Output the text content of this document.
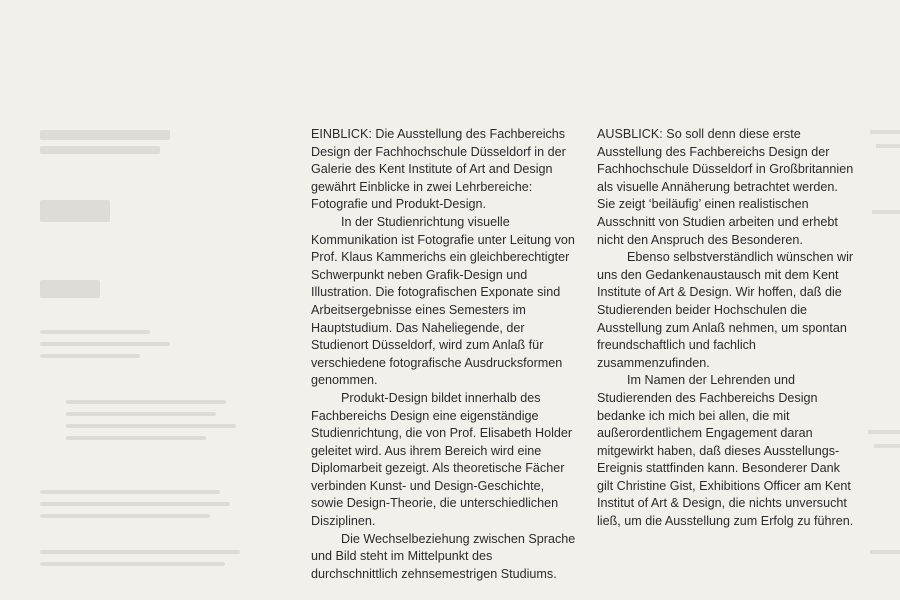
EINBLICK: Die Ausstellung des Fachbereichs Design der Fachhochschule Düsseldorf in der Galerie des Kent Institute of Art and Design gewährt Einblicke in zwei Lehrbereiche: Fotografie und Produkt-Design.

In der Studienrichtung visuelle Kommunikation ist Fotografie unter Leitung von Prof. Klaus Kammerichs ein gleichberechtigter Schwerpunkt neben Grafik-Design und Illustration. Die fotografischen Exponate sind Arbeitsergebnisse eines Semesters im Hauptstudium. Das Naheliegende, der Studienort Düsseldorf, wird zum Anlaß für verschiedene fotografische Ausdrucksformen genommen.

Produkt-Design bildet innerhalb des Fachbereichs Design eine eigenständige Studienrichtung, die von Prof. Elisabeth Holder geleitet wird. Aus ihrem Bereich wird eine Diplomarbeit gezeigt. Als theoretische Fächer verbinden Kunst- und Design-Geschichte, sowie Design-Theorie, die unterschiedlichen Disziplinen.

Die Wechselbeziehung zwischen Sprache und Bild steht im Mittelpunkt des durchschnittlich zehnsemestrigen Studiums.

AUSBLICK: So soll denn diese erste Ausstellung des Fachbereichs Design der Fachhochschule Düsseldorf in Großbritannien als visuelle Annäherung betrachtet werden. Sie zeigt ‘beiläufig’ einen realistischen Ausschnitt von Studien arbeiten und erhebt nicht den Anspruch des Besonderen.

Ebenso selbstverständlich wünschen wir uns den Gedankenaustausch mit dem Kent Institute of Art & Design. Wir hoffen, daß die Studierenden beider Hochschulen die Ausstellung zum Anlaß nehmen, um spontan freundschaftlich und fachlich zusammenzufinden.

Im Namen der Lehrenden und Studierenden des Fachbereichs Design bedanke ich mich bei allen, die mit außerordentlichem Engagement daran mitgewirkt haben, daß dieses Ausstellungs-Ereignis stattfinden kann. Besonderer Dank gilt Christine Gist, Exhibitions Officer am Kent Institut of Art & Design, die nichts unversucht ließ, um die Ausstellung zum Erfolg zu führen.
